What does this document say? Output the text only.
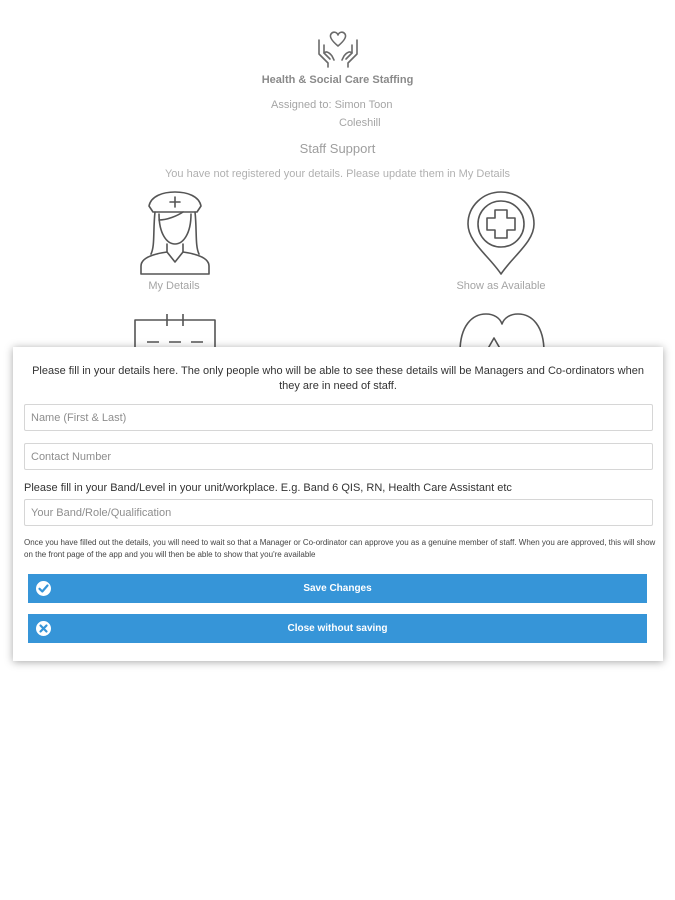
Health & Social Care Staffing
Assigned to: Simon Toon
Coleshill
Staff Support
You have not registered your details. Please update them in My Details
My Details	Show as Available
Please fill in your details here. The only people who will be able to see these details will be Managers and Co-ordinators when they are in need of staff.
Name (First & Last)
Contact Number
Please fill in your Band/Level in your unit/workplace. E.g. Band 6 QIS, RN, Health Care Assistant etc
Your Band/Role/Qualification
Once you have filled out the details, you will need to wait so that a Manager or Co-ordinator can approve you as a genuine member of staff. When you are approved, this will show on the front page of the app and you will then be able to show that you're available
Save Changes
Close without saving
